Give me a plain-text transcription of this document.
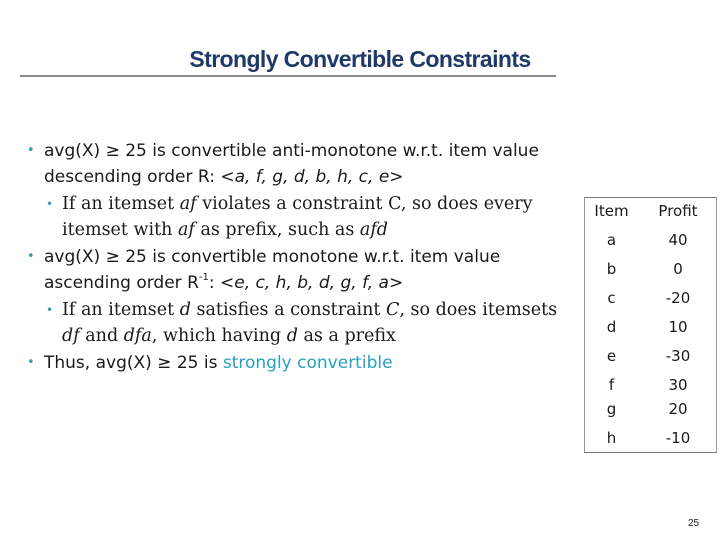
Strongly Convertible Constraints
• avg(X) ≥ 25 is convertible anti-monotone w.r.t. item value descending order R: <a, f, g, d, b, h, c, e>
• If an itemset af violates a constraint C, so does every itemset with af as prefix, such as afd
• avg(X) ≥ 25 is convertible monotone w.r.t. item value ascending order $R^{-1}$: <e, c, h, b, d, g, f, a>
• If an itemset d satisfies a constraint C, so does itemsets df and dfa, which having d as a prefix
• Thus, avg(X) ≥ 25 is strongly convertible
Item	Profit
a	40
b	0
c	-20
d	10
e	-30
f	30
g	20
h	-10
25
